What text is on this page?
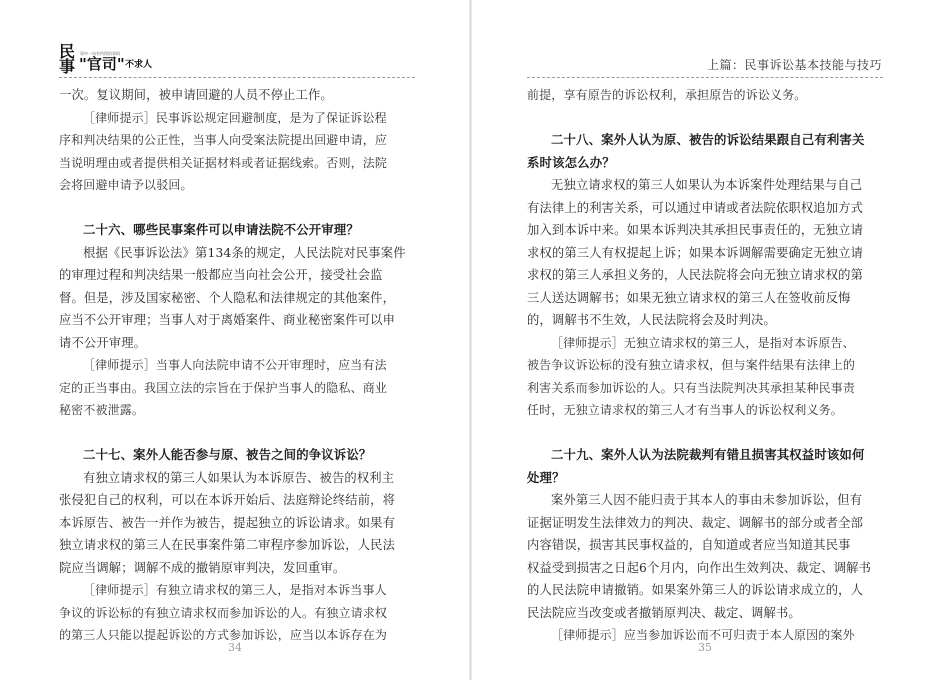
民
事
事中一场有所得的事情
"官司" 不求人	上篇：民事诉讼基本技能与技巧

一次。复议期间，被申请回避的人员不停止工作。

［律师提示］民事诉讼规定回避制度，是为了保证诉讼程

序和判决结果的公正性，当事人向受案法院提出回避申请，应

当说明理由或者提供相关证据材料或者证据线索。否则，法院

会将回避申请予以驳回。

二十六、哪些民事案件可以申请法院不公开审理？

根据《民事诉讼法》第134条的规定，人民法院对民事案件

的审理过程和判决结果一般都应当向社会公开，接受社会监

督。但是，涉及国家秘密、个人隐私和法律规定的其他案件，

应当不公开审理；当事人对于离婚案件、商业秘密案件可以申

请不公开审理。

［律师提示］当事人向法院申请不公开审理时，应当有法

定的正当事由。我国立法的宗旨在于保护当事人的隐私、商业

秘密不被泄露。

二十七、案外人能否参与原、被告之间的争议诉讼？

有独立请求权的第三人如果认为本诉原告、被告的权利主

张侵犯自己的权利，可以在本诉开始后、法庭辩论终结前，将

本诉原告、被告一并作为被告，提起独立的诉讼请求。如果有

独立请求权的第三人在民事案件第二审程序参加诉讼，人民法

院应当调解；调解不成的撤销原审判决，发回重审。

［律师提示］有独立请求权的第三人，是指对本诉当事人

争议的诉讼标的有独立请求权而参加诉讼的人。有独立请求权

的第三人只能以提起诉讼的方式参加诉讼，应当以本诉存在为

前提，享有原告的诉讼权利，承担原告的诉讼义务。

二十八、案外人认为原、被告的诉讼结果跟自己有利害关

系时该怎么办？

无独立请求权的第三人如果认为本诉案件处理结果与自己

有法律上的利害关系，可以通过申请或者法院依职权追加方式

加入到本诉中来。如果本诉判决其承担民事责任的，无独立请

求权的第三人有权提起上诉；如果本诉调解需要确定无独立请

求权的第三人承担义务的，人民法院将会向无独立请求权的第

三人送达调解书；如果无独立请求权的第三人在签收前反悔

的，调解书不生效，人民法院将会及时判决。

［律师提示］无独立请求权的第三人，是指对本诉原告、

被告争议诉讼标的没有独立请求权，但与案件结果有法律上的

利害关系而参加诉讼的人。只有当法院判决其承担某种民事责

任时，无独立请求权的第三人才有当事人的诉讼权利义务。

二十九、案外人认为法院裁判有错且损害其权益时该如何

处理？

案外第三人因不能归责于其本人的事由未参加诉讼，但有

证据证明发生法律效力的判决、裁定、调解书的部分或者全部

内容错误，损害其民事权益的，自知道或者应当知道其民事

权益受到损害之日起6个月内，向作出生效判决、裁定、调解书

的人民法院申请撤销。如果案外第三人的诉讼请求成立的，人

民法院应当改变或者撤销原判决、裁定、调解书。

［律师提示］应当参加诉讼而不可归责于本人原因的案外

34	35
